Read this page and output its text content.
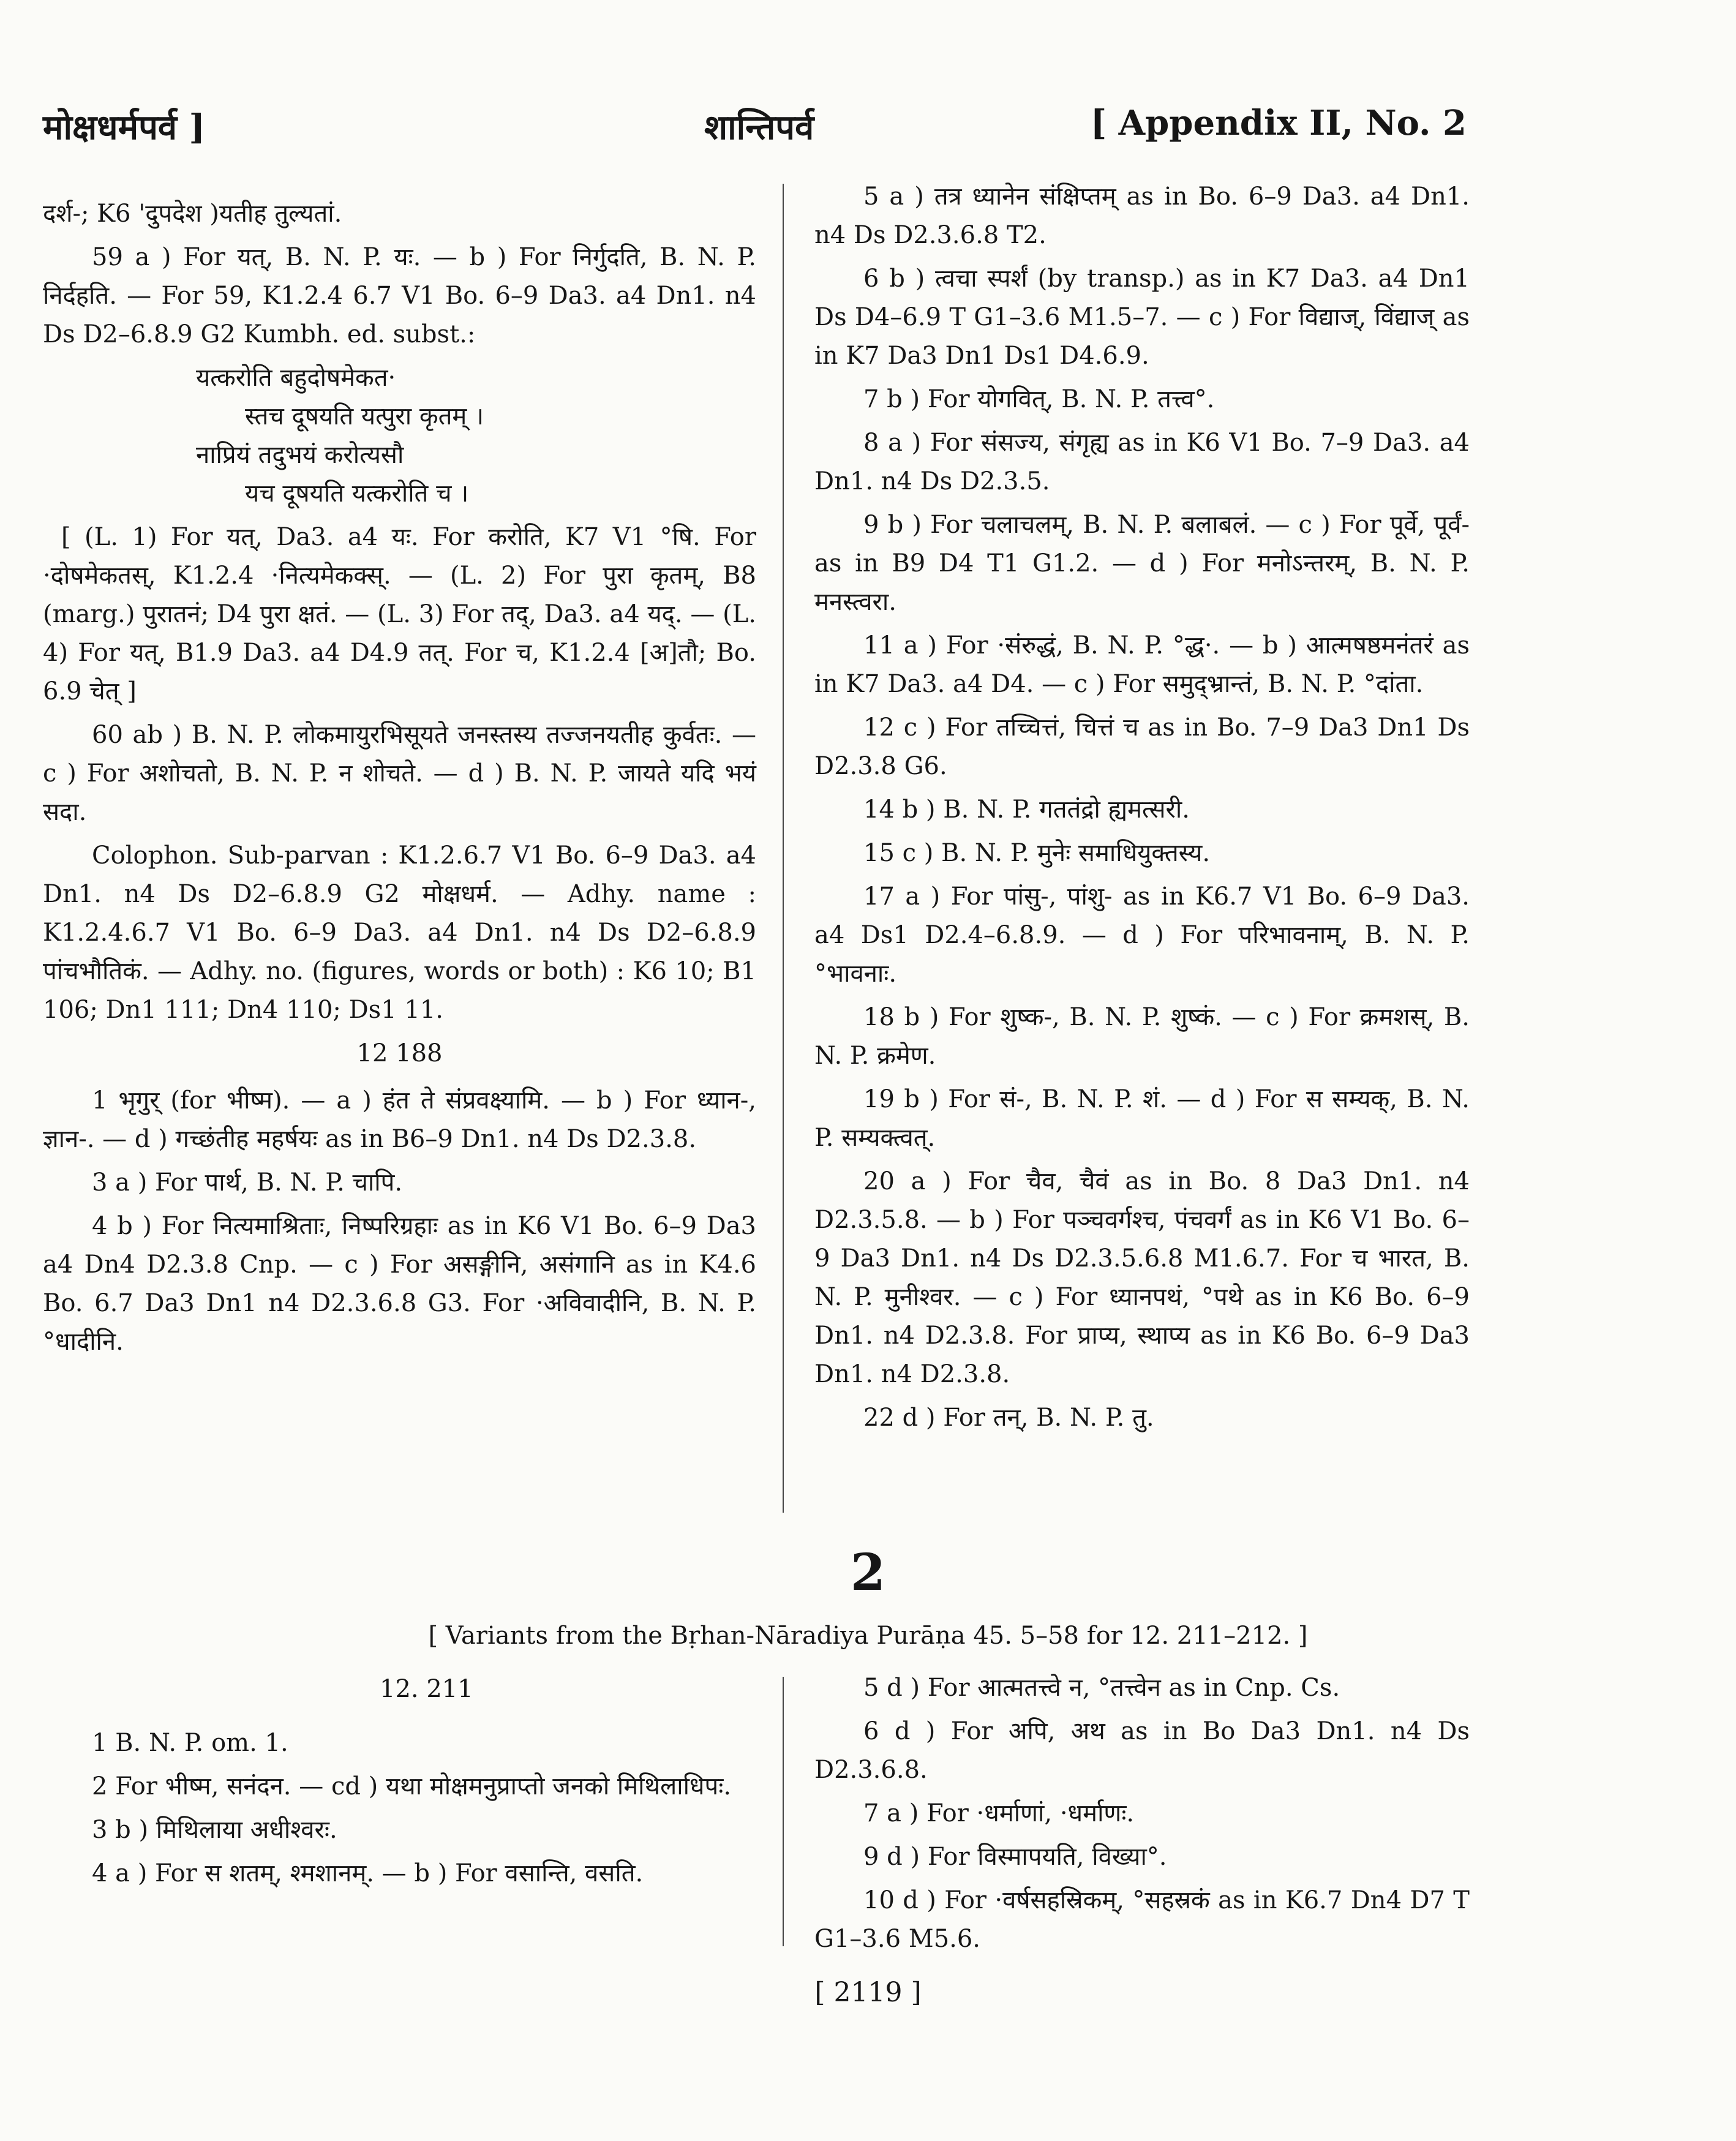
मोक्षधर्मपर्व ]	शान्तिपर्व	[ Appendix II, No. 2

दर्श-; K6 'दुपदेश )यतीह तुल्यतां.

59 a ) For यत्, B. N. P. यः. — b ) For निर्गुदति, B. N. P. निर्दहति. — For 59, K1.2.4 6.7 V1 Bo. 6–9 Da3. a4 Dn1. n4 Ds D2–6.8.9 G2 Kumbh. ed. subst.:

यत्करोति बहुदोषमेकत·

स्तच दूषयति यत्पुरा कृतम् ।

नाप्रियं तदुभयं करोत्यसौ

यच दूषयति यत्करोति च ।

[ (L. 1) For यत्, Da3. a4 यः. For करोति, K7 V1 °षि. For ·दोषमेकतस्, K1.2.4 ·नित्यमेकक्स्. — (L. 2) For पुरा कृतम्, B8 (marg.) पुरातनं; D4 पुरा क्षतं. — (L. 3) For तद्, Da3. a4 यद्. — (L. 4) For यत्, B1.9 Da3. a4 D4.9 तत्. For च, K1.2.4 [अ]तौ; Bo. 6.9 चेत् ]

60 ab ) B. N. P. लोकमायुरभिसूयते जनस्तस्य तज्जनयतीह कुर्वतः. — c ) For अशोचतो, B. N. P. न शोचते. — d ) B. N. P. जायते यदि भयं सदा.

Colophon. Sub-parvan : K1.2.6.7 V1 Bo. 6–9 Da3. a4 Dn1. n4 Ds D2–6.8.9 G2 मोक्षधर्म. — Adhy. name : K1.2.4.6.7 V1 Bo. 6–9 Da3. a4 Dn1. n4 Ds D2–6.8.9 पांचभौतिकं. — Adhy. no. (figures, words or both) : K6 10; B1 106; Dn1 111; Dn4 110; Ds1 11.

12 188

1 भृगुर् (for भीष्म). — a ) हंत ते संप्रवक्ष्यामि. — b ) For ध्यान-, ज्ञान-. — d ) गच्छंतीह महर्षयः as in B6–9 Dn1. n4 Ds D2.3.8.

3 a ) For पार्थ, B. N. P. चापि.

4 b ) For नित्यमाश्रिताः, निष्परिग्रहाः as in K6 V1 Bo. 6–9 Da3 a4 Dn4 D2.3.8 Cnp. — c ) For असङ्गीनि, असंगानि as in K4.6 Bo. 6.7 Da3 Dn1 n4 D2.3.6.8 G3. For ·अविवादीनि, B. N. P. °धादीनि.

5 a ) तत्र ध्यानेन संक्षिप्तम् as in Bo. 6–9 Da3. a4 Dn1. n4 Ds D2.3.6.8 T2.

6 b ) त्वचा स्पर्शं (by transp.) as in K7 Da3. a4 Dn1 Ds D4–6.9 T G1–3.6 M1.5–7. — c ) For विद्याज्, विंद्याज् as in K7 Da3 Dn1 Ds1 D4.6.9.

7 b ) For योगवित्, B. N. P. तत्त्व°.

8 a ) For संसज्य, संगृह्य as in K6 V1 Bo. 7–9 Da3. a4 Dn1. n4 Ds D2.3.5.

9 b ) For चलाचलम्, B. N. P. बलाबलं. — c ) For पूर्वे, पूर्वं- as in B9 D4 T1 G1.2. — d ) For मनोऽन्तरम्, B. N. P. मनस्त्वरा.

11 a ) For ·संरुद्धं, B. N. P. °द्ध·. — b ) आत्मषष्ठमनंतरं as in K7 Da3. a4 D4. — c ) For समुद्भ्रान्तं, B. N. P. °दांता.

12 c ) For तच्चित्तं, चित्तं च as in Bo. 7–9 Da3 Dn1 Ds D2.3.8 G6.

14 b ) B. N. P. गततंद्रो ह्यमत्सरी.

15 c ) B. N. P. मुनेः समाधियुक्तस्य.

17 a ) For पांसु-, पांशु- as in K6.7 V1 Bo. 6–9 Da3. a4 Ds1 D2.4–6.8.9. — d ) For परिभावनाम्, B. N. P. °भावनाः.

18 b ) For शुष्क-, B. N. P. शुष्कं. — c ) For क्रमशस्, B. N. P. क्रमेण.

19 b ) For सं-, B. N. P. शं. — d ) For स सम्यक्, B. N. P. सम्यक्त्वत्.

20 a ) For चैव, चैवं as in Bo. 8 Da3 Dn1. n4 D2.3.5.8. — b ) For पञ्चवर्गश्च, पंचवर्गं as in K6 V1 Bo. 6–9 Da3 Dn1. n4 Ds D2.3.5.6.8 M1.6.7. For च भारत, B. N. P. मुनीश्वर. — c ) For ध्यानपथं, °पथे as in K6 Bo. 6–9 Dn1. n4 D2.3.8. For प्राप्य, स्थाप्य as in K6 Bo. 6–9 Da3 Dn1. n4 D2.3.8.

22 d ) For तन्, B. N. P. तु.

2
[ Variants from the Bṛhan-Nāradiya Purāṇa 45. 5–58 for 12. 211–212. ]
12. 211

1 B. N. P. om. 1.

2 For भीष्म, सनंदन. — cd ) यथा मोक्षमनुप्राप्तो जनको मिथिलाधिपः.

3 b ) मिथिलाया अधीश्वरः.

4 a ) For स शतम्, श्मशानम्. — b ) For वसान्ति, वसति.

5 d ) For आत्मतत्त्वे न, °तत्त्वेन as in Cnp. Cs.

6 d ) For अपि, अथ as in Bo Da3 Dn1. n4 Ds D2.3.6.8.

7 a ) For ·धर्माणां, ·धर्माणः.

9 d ) For विस्मापयति, विख्या°.

10 d ) For ·वर्षसहस्रिकम्, °सहस्रकं as in K6.7 Dn4 D7 T G1–3.6 M5.6.

[ 2119 ]
